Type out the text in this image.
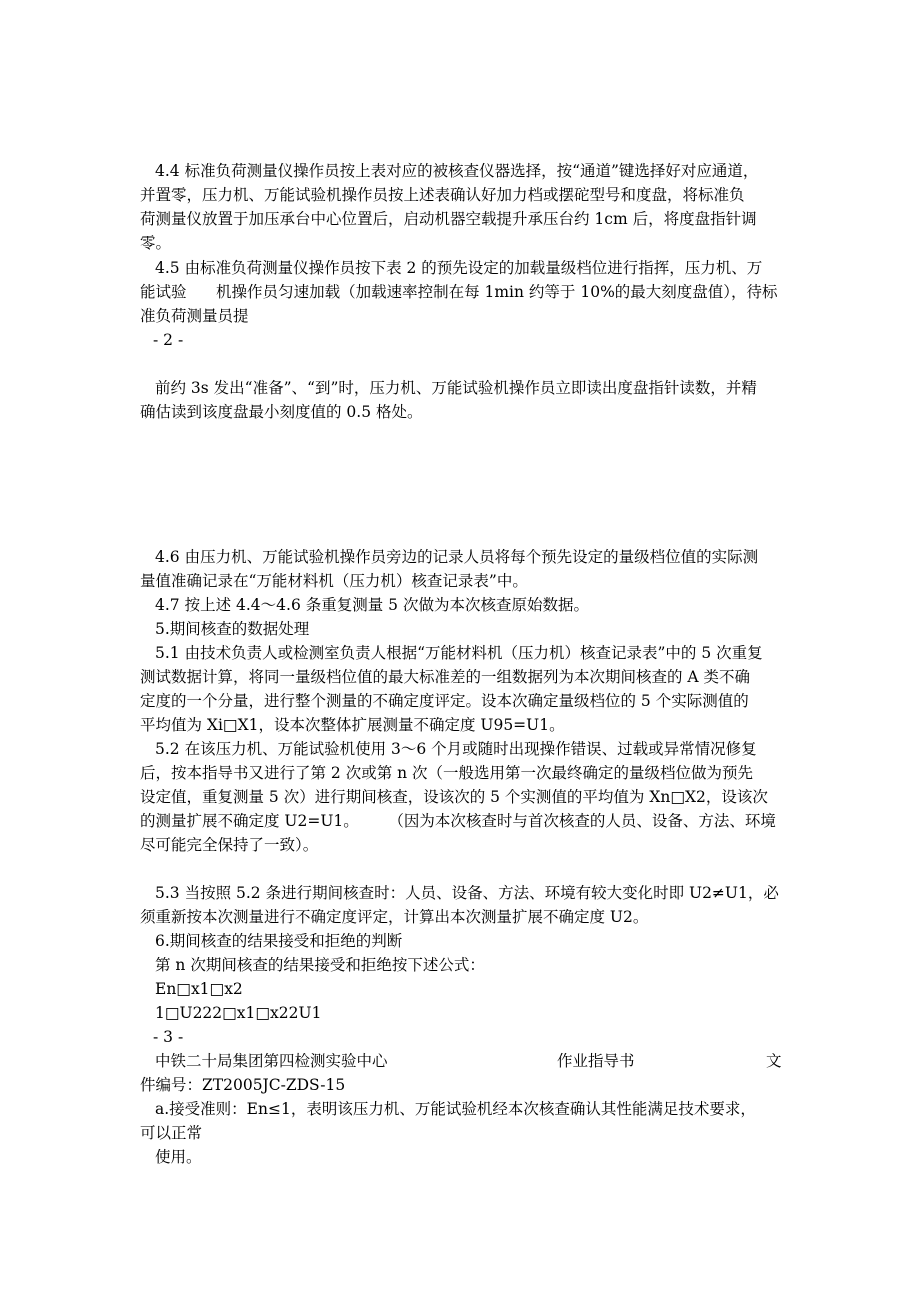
4.4 标准负荷测量仪操作员按上表对应的被核查仪器选择，按“通道”键选择好对应通道，
并置零，压力机、万能试验机操作员按上述表确认好加力档或摆砣型号和度盘，将标准负
荷测量仪放置于加压承台中心位置后，启动机器空载提升承压台约 1cm 后，将度盘指针调
零。
4.5 由标准负荷测量仪操作员按下表 2 的预先设定的加载量级档位进行指挥，压力机、万
能试验      机操作员匀速加载（加载速率控制在每 1min 约等于 10%的最大刻度盘值），待标
准负荷测量员提
- 2 -
前约 3s 发出“准备”、“到”时，压力机、万能试验机操作员立即读出度盘指针读数，并精
确估读到该度盘最小刻度值的 0.5 格处。
4.6 由压力机、万能试验机操作员旁边的记录人员将每个预先设定的量级档位值的实际测
量值准确记录在“万能材料机（压力机）核查记录表”中。
4.7 按上述 4.4～4.6 条重复测量 5 次做为本次核查原始数据。
5.期间核查的数据处理
5.1 由技术负责人或检测室负责人根据“万能材料机（压力机）核查记录表”中的 5 次重复
测试数据计算，将同一量级档位值的最大标准差的一组数据列为本次期间核查的 A 类不确
定度的一个分量，进行整个测量的不确定度评定。设本次确定量级档位的 5 个实际测值的
平均值为 Xi□X1，设本次整体扩展测量不确定度 U95=U1。
5.2 在该压力机、万能试验机使用 3～6 个月或随时出现操作错误、过载或异常情况修复
后，按本指导书又进行了第 2 次或第 n 次（一般选用第一次最终确定的量级档位做为预先
设定值，重复测量 5 次）进行期间核查，设该次的 5 个实测值的平均值为 Xn□X2，设该次
的测量扩展不确定度 U2=U1。      （因为本次核查时与首次核查的人员、设备、方法、环境
尽可能完全保持了一致）。
5.3 当按照 5.2 条进行期间核查时：人员、设备、方法、环境有较大变化时即 U2≠U1，必
须重新按本次测量进行不确定度评定，计算出本次测量扩展不确定度 U2。
6.期间核查的结果接受和拒绝的判断
第 n 次期间核查的结果接受和拒绝按下述公式：
En□x1□x2
1□U222□x1□x22U1
- 3 -
中铁二十局集团第四检测实验中心	作业指导书	文
件编号：ZT2005JC-ZDS-15
a.接受准则：En≤1，表明该压力机、万能试验机经本次核查确认其性能满足技术要求，
可以正常
使用。
